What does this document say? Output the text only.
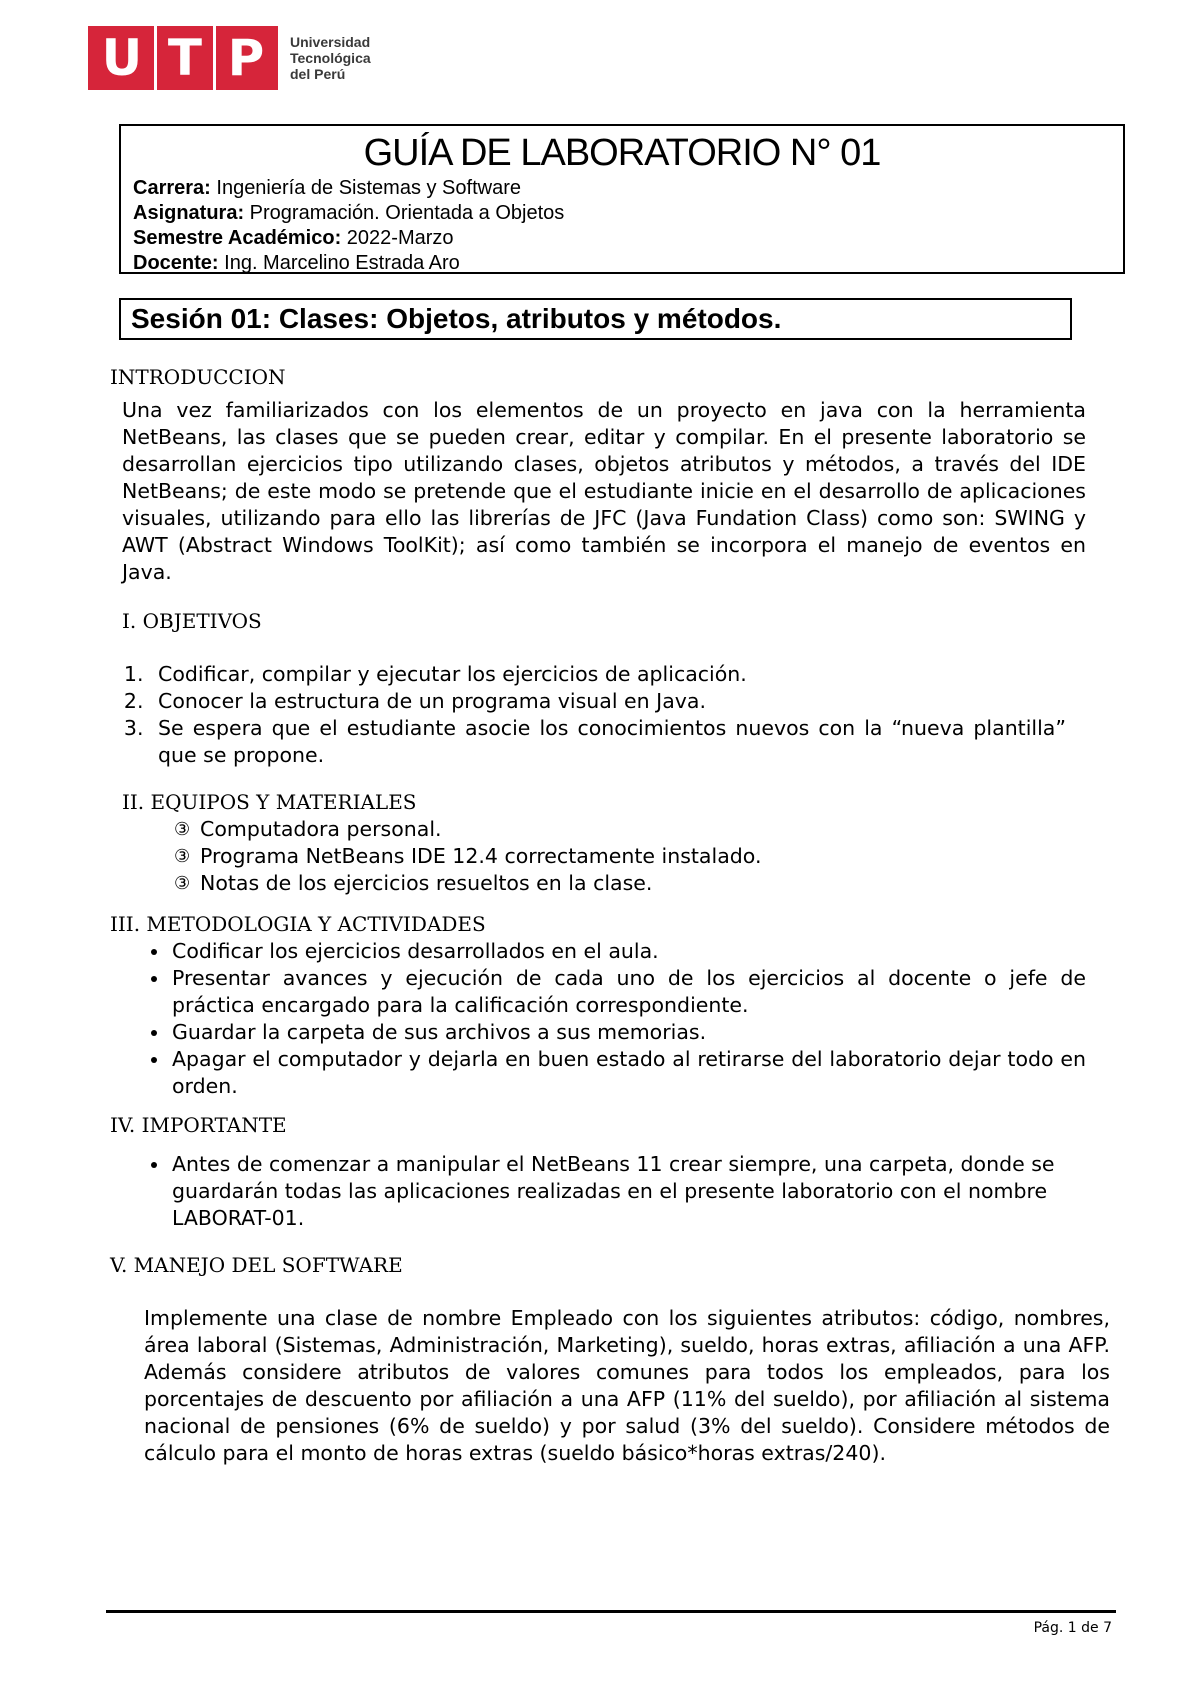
U T P Universidad
Tecnológica
del Perú
GUÍA DE LABORATORIO N° 01
Carrera: Ingeniería de Sistemas y Software
Asignatura: Programación. Orientada a Objetos
Semestre Académico: 2022-Marzo
Docente: Ing. Marcelino Estrada Aro
Sesión 01: Clases: Objetos, atributos y métodos.
INTRODUCCION

Una vez familiarizados con los elementos de un proyecto en java con la herramienta NetBeans, las clases que se pueden crear, editar y compilar. En el presente laboratorio se desarrollan ejercicios tipo utilizando clases, objetos atributos y métodos, a través del IDE NetBeans; de este modo se pretende que el estudiante inicie en el desarrollo de aplicaciones visuales, utilizando para ello las librerías de JFC (Java Fundation Class) como son: SWING y AWT (Abstract Windows ToolKit); así como también se incorpora el manejo de eventos en Java.

I. OBJETIVOS
1. Codificar, compilar y ejecutar los ejercicios de aplicación.
2. Conocer la estructura de un programa visual en Java.
3. Se espera que el estudiante asocie los conocimientos nuevos con la “nueva plantilla” que se propone.
II. EQUIPOS Y MATERIALES
③ Computadora personal.
③ Programa NetBeans IDE 12.4 correctamente instalado.
③ Notas de los ejercicios resueltos en la clase.
III. METODOLOGIA Y ACTIVIDADES
• Codificar los ejercicios desarrollados en el aula.
• Presentar avances y ejecución de cada uno de los ejercicios al docente o jefe de práctica encargado para la calificación correspondiente.
• Guardar la carpeta de sus archivos a sus memorias.
• Apagar el computador y dejarla en buen estado al retirarse del laboratorio dejar todo en orden.
IV. IMPORTANTE
• Antes de comenzar a manipular el NetBeans 11 crear siempre, una carpeta, donde se guardarán todas las aplicaciones realizadas en el presente laboratorio con el nombre LABORAT-01.
V. MANEJO DEL SOFTWARE

Implemente una clase de nombre Empleado con los siguientes atributos: código, nombres, área laboral (Sistemas, Administración, Marketing), sueldo, horas extras, afiliación a una AFP. Además considere atributos de valores comunes para todos los empleados, para los porcentajes de descuento por afiliación a una AFP (11% del sueldo), por afiliación al sistema nacional de pensiones (6% de sueldo) y por salud (3% del sueldo). Considere métodos de cálculo para el monto de horas extras (sueldo básico*horas extras/240).

Pág. 1 de 7
